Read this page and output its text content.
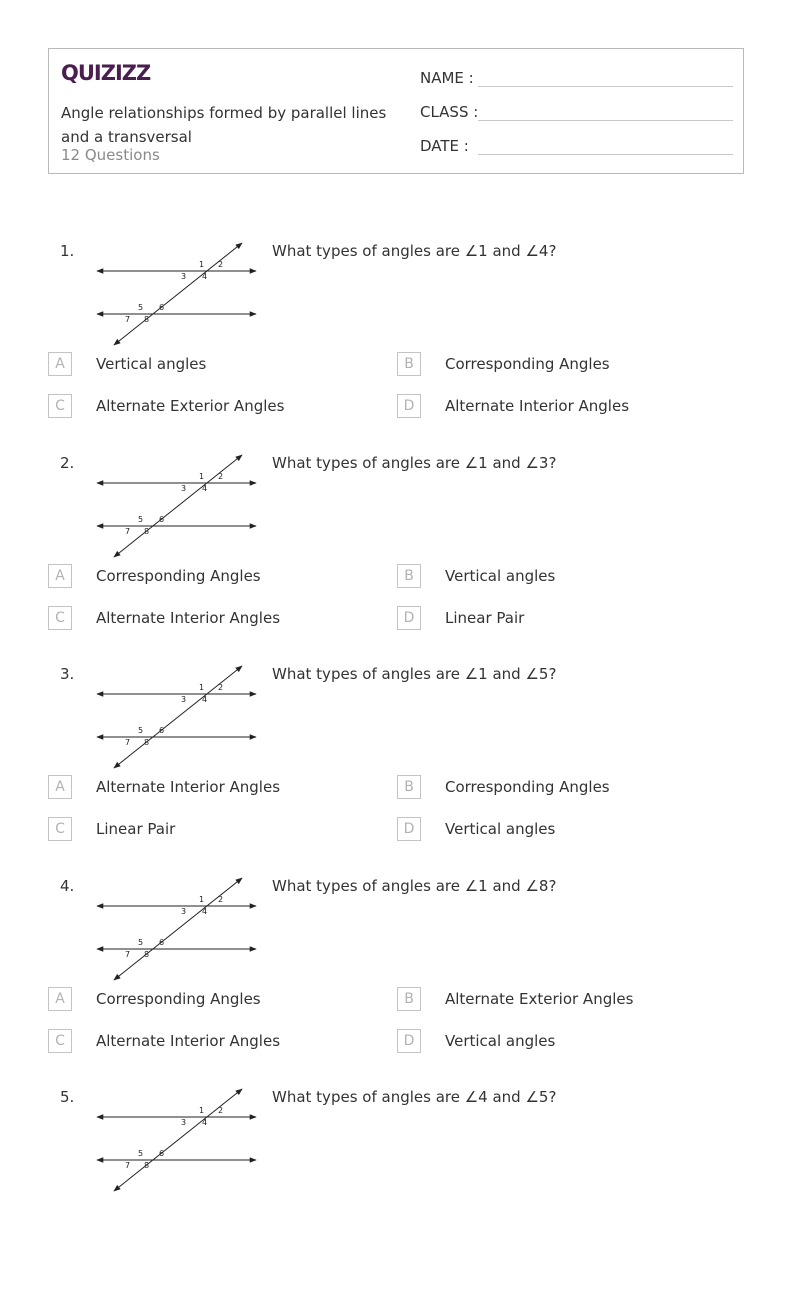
QUIZIZZ
Angle relationships formed by parallel lines and a transversal
12 Questions
NAME :
CLASS :
DATE :
1.
1 2
3 4
5 6
7 8
What types of angles are ∠1 and ∠4?
A	Vertical angles	B	Corresponding Angles
C	Alternate Exterior Angles	D	Alternate Interior Angles
2.
1 2
3 4
5 6
7 8
What types of angles are ∠1 and ∠3?
A	Corresponding Angles	B	Vertical angles
C	Alternate Interior Angles	D	Linear Pair
3.
1 2
3 4
5 6
7 8
What types of angles are ∠1 and ∠5?
A	Alternate Interior Angles	B	Corresponding Angles
C	Linear Pair	D	Vertical angles
4.
1 2
3 4
5 6
7 8
What types of angles are ∠1 and ∠8?
A	Corresponding Angles	B	Alternate Exterior Angles
C	Alternate Interior Angles	D	Vertical angles
5.
1 2
3 4
5 6
7 8
What types of angles are ∠4 and ∠5?
